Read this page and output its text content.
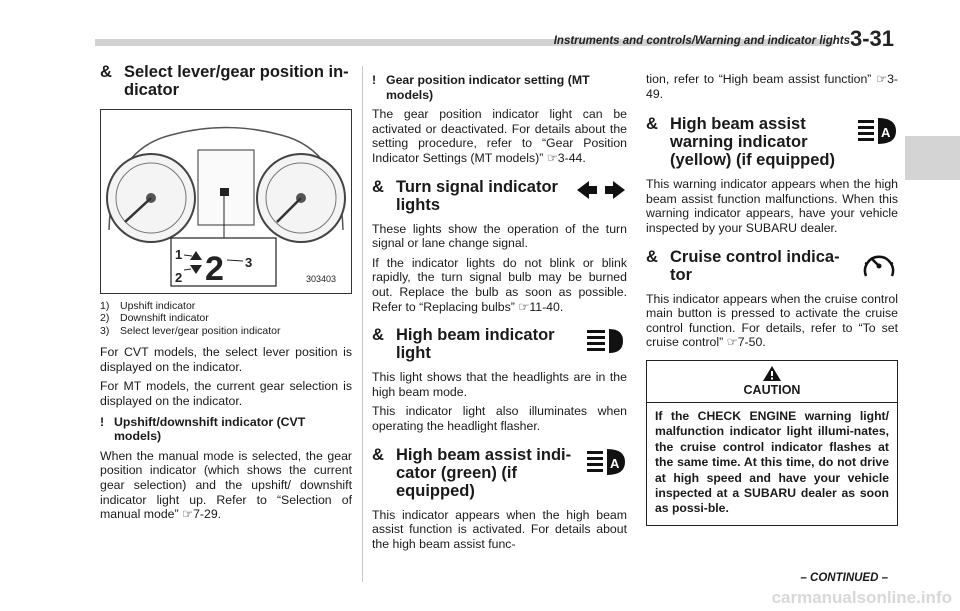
Instruments and controls/Warning and indicator lights 3-31
& Select lever/gear position in-dicator
2
1
2
3
303403
1) Upshift indicator
2) Downshift indicator
3) Select lever/gear position indicator

For CVT models, the select lever position is displayed on the indicator.

For MT models, the current gear selection is displayed on the indicator.

! Upshift/downshift indicator (CVT models)

When the manual mode is selected, the gear position indicator (which shows the current gear selection) and the upshift/ downshift indicator light up. Refer to “Selection of manual mode” ☞7-29.

! Gear position indicator setting (MT models)

The gear position indicator light can be activated or deactivated. For details about the setting procedure, refer to “Gear Position Indicator Settings (MT models)” ☞3-44.

& Turn signal indicator lights

These lights show the operation of the turn signal or lane change signal.

If the indicator lights do not blink or blink rapidly, the turn signal bulb may be burned out. Replace the bulb as soon as possible. Refer to “Replacing bulbs” ☞11-40.

& High beam indicator light

This light shows that the headlights are in the high beam mode.

This indicator light also illuminates when operating the headlight flasher.

& High beam assist indi-cator (green) (if equipped)
A

This indicator appears when the high beam assist function is activated. For details about the high beam assist func-

tion, refer to “High beam assist function” ☞3-49.

& High beam assist warning indicator (yellow) (if equipped)
A

This warning indicator appears when the high beam assist function malfunctions. When this warning indicator appears, have your vehicle inspected by your SUBARU dealer.

& Cruise control indica-tor

This indicator appears when the cruise control main button is pressed to activate the cruise control function. For details, refer to “To set cruise control” ☞7-50.

CAUTION
If the CHECK ENGINE warning light/ malfunction indicator light illumi-nates, the cruise control indicator flashes at the same time. At this time, do not drive at high speed and have your vehicle inspected at a SUBARU dealer as soon as possi-ble.
– CONTINUED –
carmanualsonline.info
